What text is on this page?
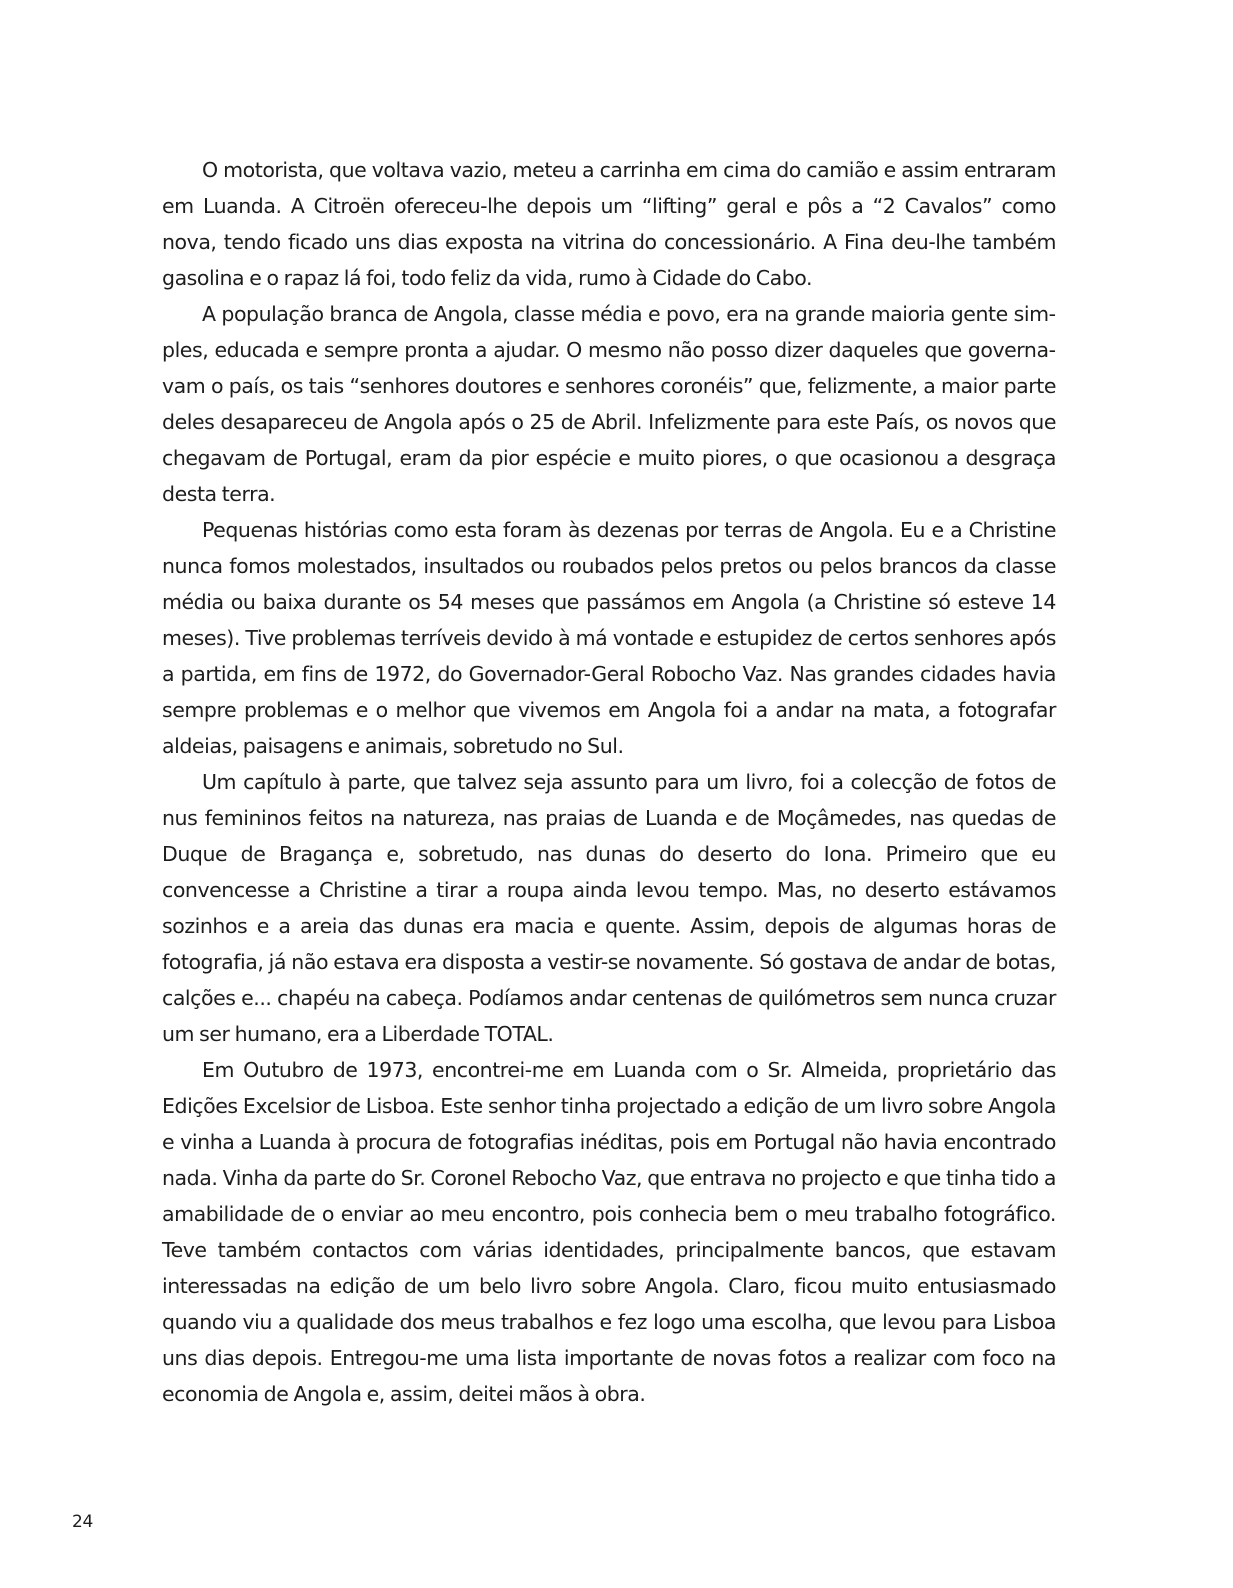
O motorista, que voltava vazio, meteu a carrinha em cima do camião e assim entraram em Luanda. A Citroën ofereceu-lhe depois um “lifting” geral e pôs a “2 Cavalos” como nova, tendo ficado uns dias exposta na vitrina do concessionário. A Fina deu-lhe também gasolina e o rapaz lá foi, todo feliz da vida, rumo à Cidade do Cabo.

A população branca de Angola, classe média e povo, era na grande maioria gente simples, educada e sempre pronta a ajudar. O mesmo não posso dizer daqueles que governavam o país, os tais “senhores doutores e senhores coronéis” que, felizmente, a maior parte deles desapareceu de Angola após o 25 de Abril. Infelizmente para este País, os novos que chegavam de Portugal, eram da pior espécie e muito piores, o que ocasionou a desgraça desta terra.

Pequenas histórias como esta foram às dezenas por terras de Angola. Eu e a Christine nunca fomos molestados, insultados ou roubados pelos pretos ou pelos brancos da classe média ou baixa durante os 54 meses que passámos em Angola (a Christine só esteve 14 meses). Tive problemas terríveis devido à má vontade e estupidez de certos senhores após a partida, em fins de 1972, do Governador-Geral Robocho Vaz. Nas grandes cidades havia sempre problemas e o melhor que vivemos em Angola foi a andar na mata, a fotografar aldeias, paisagens e animais, sobretudo no Sul.

Um capítulo à parte, que talvez seja assunto para um livro, foi a colecção de fotos de nus femininos feitos na natureza, nas praias de Luanda e de Moçâmedes, nas quedas de Duque de Bragança e, sobretudo, nas dunas do deserto do Iona. Primeiro que eu convencesse a Christine a tirar a roupa ainda levou tempo. Mas, no deserto estávamos sozinhos e a areia das dunas era macia e quente. Assim, depois de algumas horas de fotografia, já não estava era disposta a vestir-se novamente. Só gostava de andar de botas, calções e... chapéu na cabeça. Podíamos andar centenas de quilómetros sem nunca cruzar um ser humano, era a Liberdade TOTAL.

Em Outubro de 1973, encontrei-me em Luanda com o Sr. Almeida, proprietário das Edições Excelsior de Lisboa. Este senhor tinha projectado a edição de um livro sobre Angola e vinha a Luanda à procura de fotografias inéditas, pois em Portugal não havia encontrado nada. Vinha da parte do Sr. Coronel Rebocho Vaz, que entrava no projecto e que tinha tido a amabilidade de o enviar ao meu encontro, pois conhecia bem o meu trabalho fotográfico. Teve também contactos com várias identidades, principalmente bancos, que estavam interessadas na edição de um belo livro sobre Angola. Claro, ficou muito entusiasmado quando viu a qualidade dos meus trabalhos e fez logo uma escolha, que levou para Lisboa uns dias depois. Entregou-me uma lista importante de novas fotos a realizar com foco na economia de Angola e, assim, deitei mãos à obra.

24
